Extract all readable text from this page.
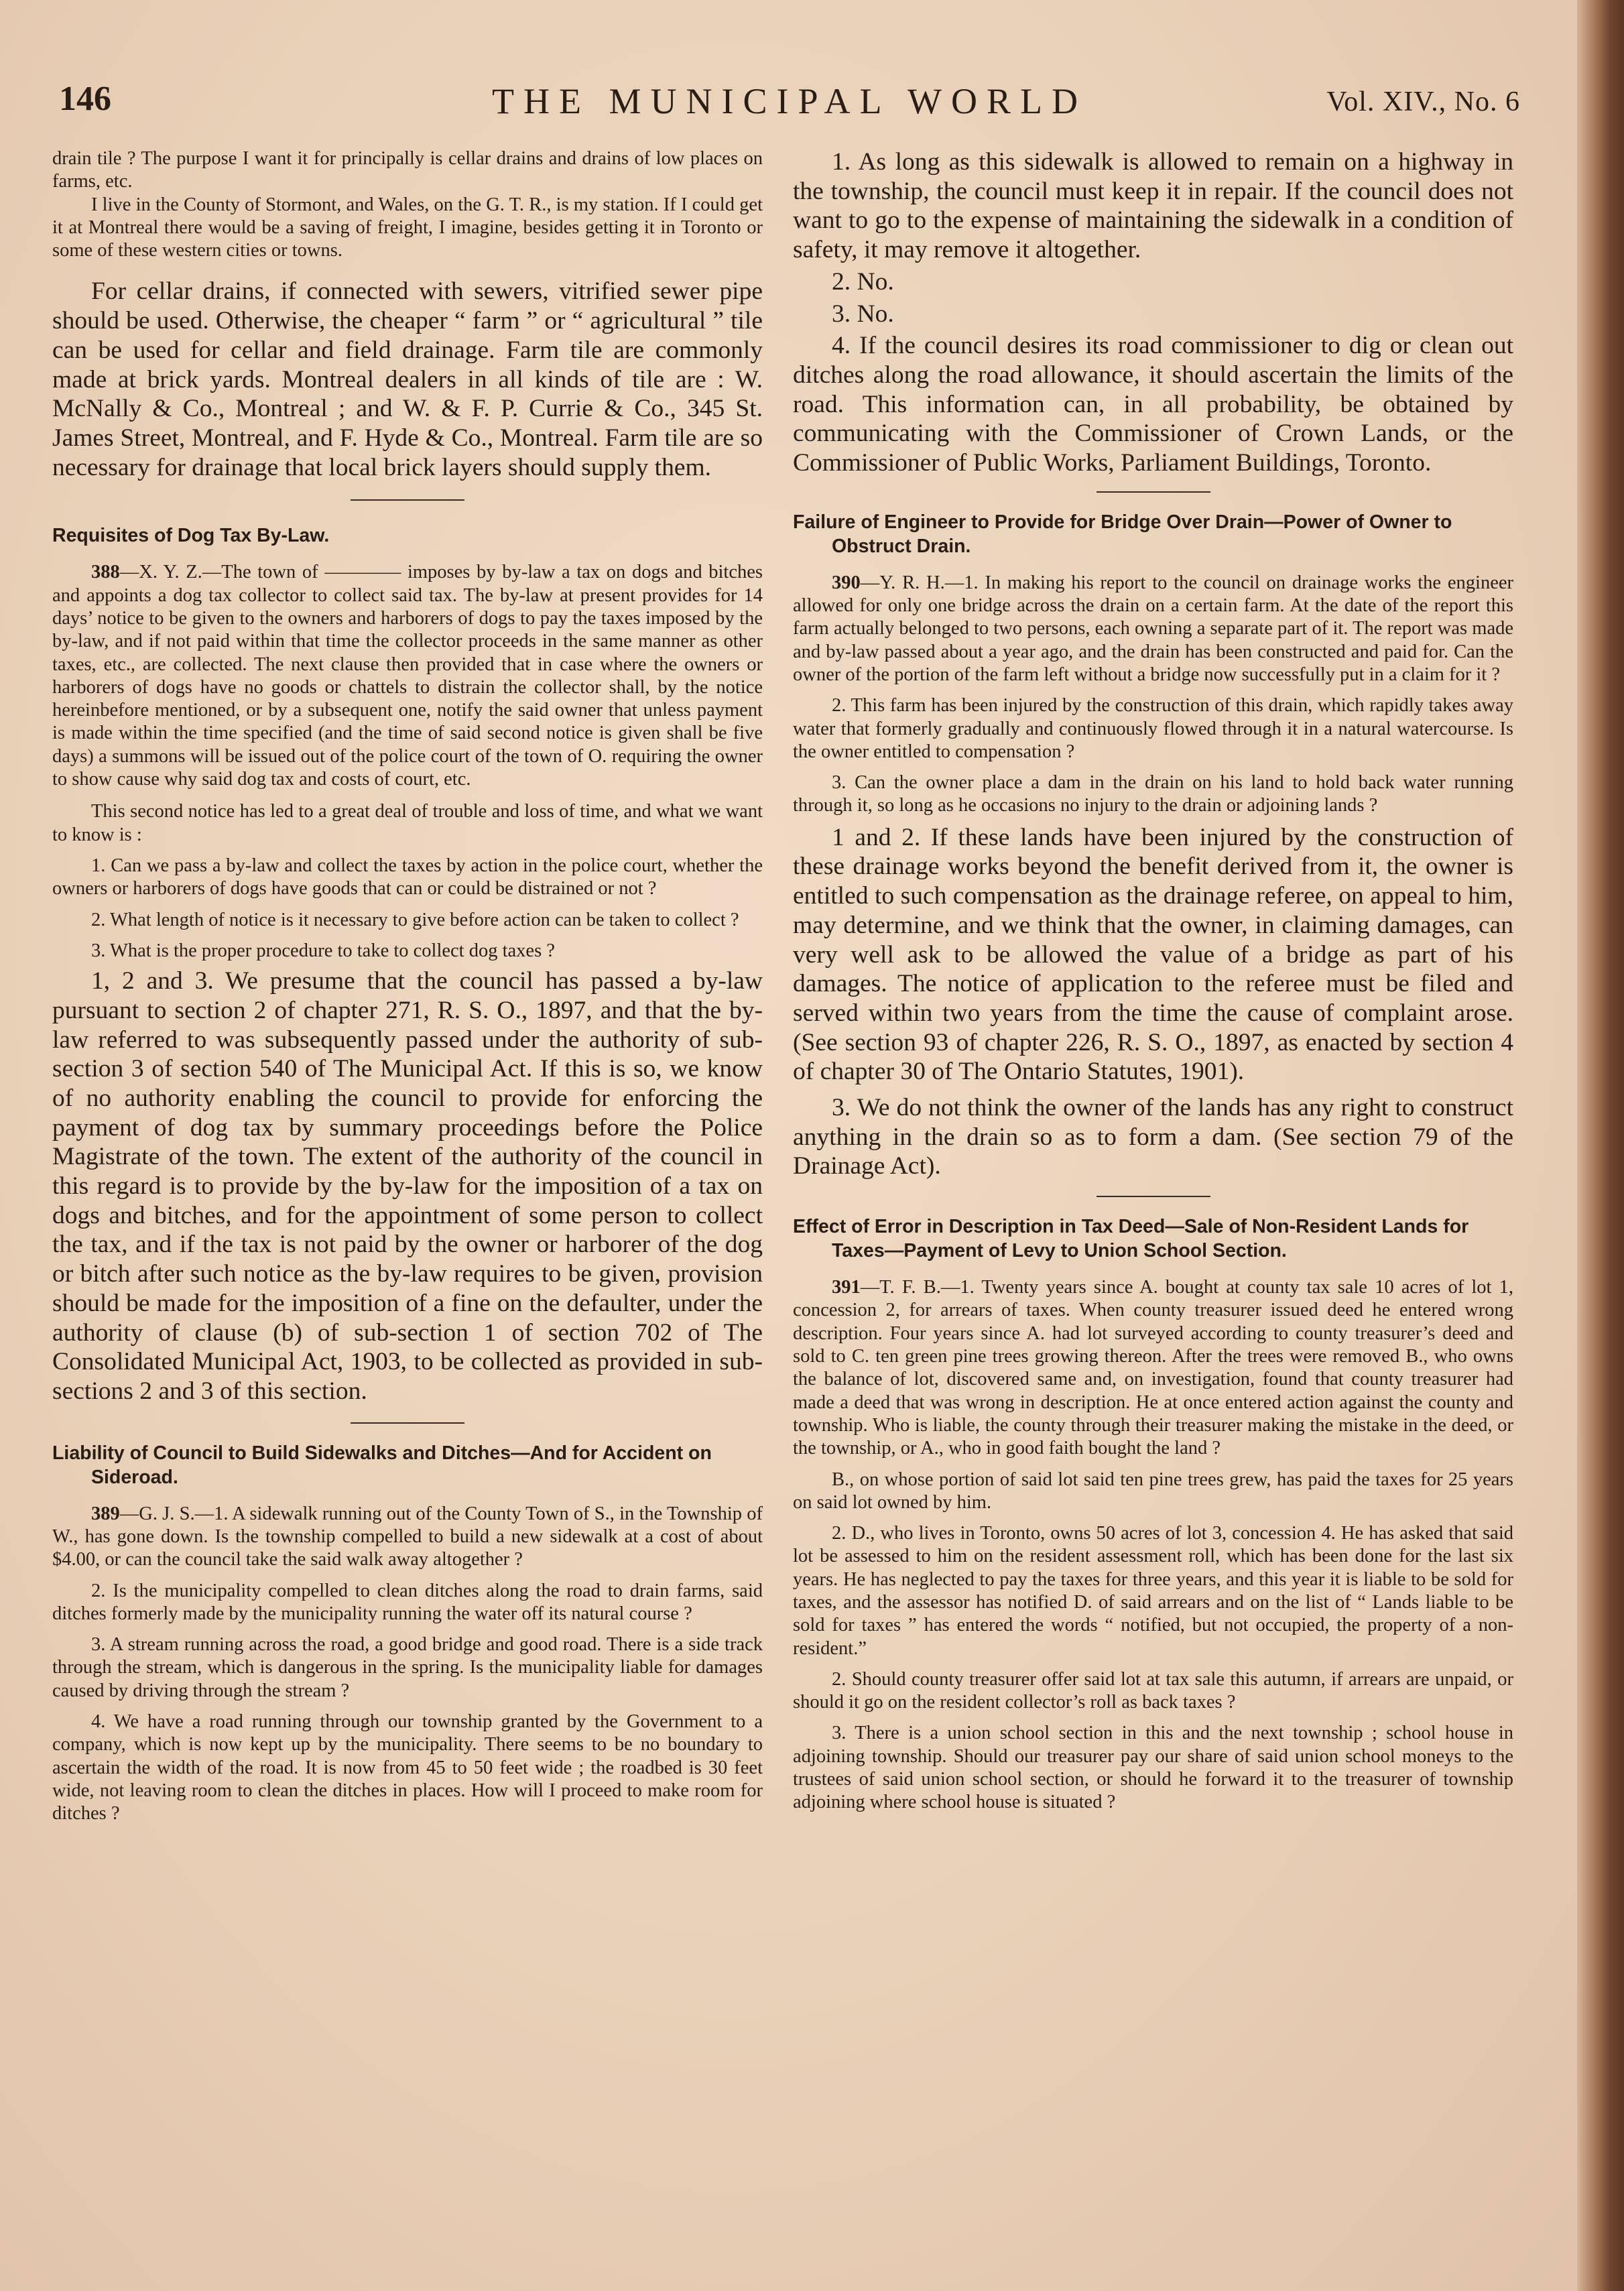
146	THE MUNICIPAL WORLD	Vol. XIV., No. 6

drain tile ? The purpose I want it for principally is cellar drains and drains of low places on farms, etc.

I live in the County of Stormont, and Wales, on the G. T. R., is my station. If I could get it at Montreal there would be a saving of freight, I imagine, besides getting it in Toronto or some of these western cities or towns.

For cellar drains, if connected with sewers, vitrified sewer pipe should be used. Otherwise, the cheaper “ farm ” or “ agricultural ” tile can be used for cellar and field drainage. Farm tile are commonly made at brick yards. Montreal dealers in all kinds of tile are : W. McNally & Co., Montreal ; and W. & F. P. Currie & Co., 345 St. James Street, Montreal, and F. Hyde & Co., Montreal. Farm tile are so necessary for drainage that local brick layers should supply them.

Requisites of Dog Tax By-Law.

388—X. Y. Z.—The town of ———— imposes by by-law a tax on dogs and bitches and appoints a dog tax collector to collect said tax. The by-law at present provides for 14 days’ notice to be given to the owners and harborers of dogs to pay the taxes imposed by the by-law, and if not paid within that time the collector proceeds in the same manner as other taxes, etc., are collected. The next clause then provided that in case where the owners or harborers of dogs have no goods or chattels to distrain the collector shall, by the notice hereinbefore mentioned, or by a subsequent one, notify the said owner that unless payment is made within the time specified (and the time of said second notice is given shall be five days) a summons will be issued out of the police court of the town of O. requiring the owner to show cause why said dog tax and costs of court, etc.

This second notice has led to a great deal of trouble and loss of time, and what we want to know is :

1. Can we pass a by-law and collect the taxes by action in the police court, whether the owners or harborers of dogs have goods that can or could be distrained or not ?

2. What length of notice is it necessary to give before action can be taken to collect ?

3. What is the proper procedure to take to collect dog taxes ?

1, 2 and 3. We presume that the council has passed a by-law pursuant to section 2 of chapter 271, R. S. O., 1897, and that the by-law referred to was subsequently passed under the authority of sub-section 3 of section 540 of The Municipal Act. If this is so, we know of no authority enabling the council to provide for enforcing the payment of dog tax by summary proceedings before the Police Magistrate of the town. The extent of the authority of the council in this regard is to provide by the by-law for the imposition of a tax on dogs and bitches, and for the appointment of some person to collect the tax, and if the tax is not paid by the owner or harborer of the dog or bitch after such notice as the by-law requires to be given, provision should be made for the imposition of a fine on the defaulter, under the authority of clause (b) of sub-section 1 of section 702 of The Consolidated Municipal Act, 1903, to be collected as provided in sub-sections 2 and 3 of this section.

Liability of Council to Build Sidewalks and Ditches—And for Accident on Sideroad.

389—G. J. S.—1. A sidewalk running out of the County Town of S., in the Township of W., has gone down. Is the township compelled to build a new sidewalk at a cost of about $4.00, or can the council take the said walk away altogether ?

2. Is the municipality compelled to clean ditches along the road to drain farms, said ditches formerly made by the municipality running the water off its natural course ?

3. A stream running across the road, a good bridge and good road. There is a side track through the stream, which is dangerous in the spring. Is the municipality liable for damages caused by driving through the stream ?

4. We have a road running through our township granted by the Government to a company, which is now kept up by the municipality. There seems to be no boundary to ascertain the width of the road. It is now from 45 to 50 feet wide ; the roadbed is 30 feet wide, not leaving room to clean the ditches in places. How will I proceed to make room for ditches ?

1. As long as this sidewalk is allowed to remain on a highway in the township, the council must keep it in repair. If the council does not want to go to the expense of maintaining the sidewalk in a condition of safety, it may remove it altogether.

2. No.

3. No.

4. If the council desires its road commissioner to dig or clean out ditches along the road allowance, it should ascertain the limits of the road. This information can, in all probability, be obtained by communicating with the Commissioner of Crown Lands, or the Commissioner of Public Works, Parliament Buildings, Toronto.

Failure of Engineer to Provide for Bridge Over Drain—Power of Owner to Obstruct Drain.

390—Y. R. H.—1. In making his report to the council on drainage works the engineer allowed for only one bridge across the drain on a certain farm. At the date of the report this farm actually belonged to two persons, each owning a separate part of it. The report was made and by-law passed about a year ago, and the drain has been constructed and paid for. Can the owner of the portion of the farm left without a bridge now successfully put in a claim for it ?

2. This farm has been injured by the construction of this drain, which rapidly takes away water that formerly gradually and continuously flowed through it in a natural watercourse. Is the owner entitled to compensation ?

3. Can the owner place a dam in the drain on his land to hold back water running through it, so long as he occasions no injury to the drain or adjoining lands ?

1 and 2. If these lands have been injured by the construction of these drainage works beyond the benefit derived from it, the owner is entitled to such compensation as the drainage referee, on appeal to him, may determine, and we think that the owner, in claiming damages, can very well ask to be allowed the value of a bridge as part of his damages. The notice of application to the referee must be filed and served within two years from the time the cause of complaint arose. (See section 93 of chapter 226, R. S. O., 1897, as enacted by section 4 of chapter 30 of The Ontario Statutes, 1901).

3. We do not think the owner of the lands has any right to construct anything in the drain so as to form a dam. (See section 79 of the Drainage Act).

Effect of Error in Description in Tax Deed—Sale of Non-Resident Lands for Taxes—Payment of Levy to Union School Section.

391—T. F. B.—1. Twenty years since A. bought at county tax sale 10 acres of lot 1, concession 2, for arrears of taxes. When county treasurer issued deed he entered wrong description. Four years since A. had lot surveyed according to county treasurer’s deed and sold to C. ten green pine trees growing thereon. After the trees were removed B., who owns the balance of lot, discovered same and, on investigation, found that county treasurer had made a deed that was wrong in description. He at once entered action against the county and township. Who is liable, the county through their treasurer making the mistake in the deed, or the township, or A., who in good faith bought the land ?

B., on whose portion of said lot said ten pine trees grew, has paid the taxes for 25 years on said lot owned by him.

2. D., who lives in Toronto, owns 50 acres of lot 3, concession 4. He has asked that said lot be assessed to him on the resident assessment roll, which has been done for the last six years. He has neglected to pay the taxes for three years, and this year it is liable to be sold for taxes, and the assessor has notified D. of said arrears and on the list of “ Lands liable to be sold for taxes ” has entered the words “ notified, but not occupied, the property of a non-resident.”

2. Should county treasurer offer said lot at tax sale this autumn, if arrears are unpaid, or should it go on the resident collector’s roll as back taxes ?

3. There is a union school section in this and the next township ; school house in adjoining township. Should our treasurer pay our share of said union school moneys to the trustees of said union school section, or should he forward it to the treasurer of township adjoining where school house is situated ?
